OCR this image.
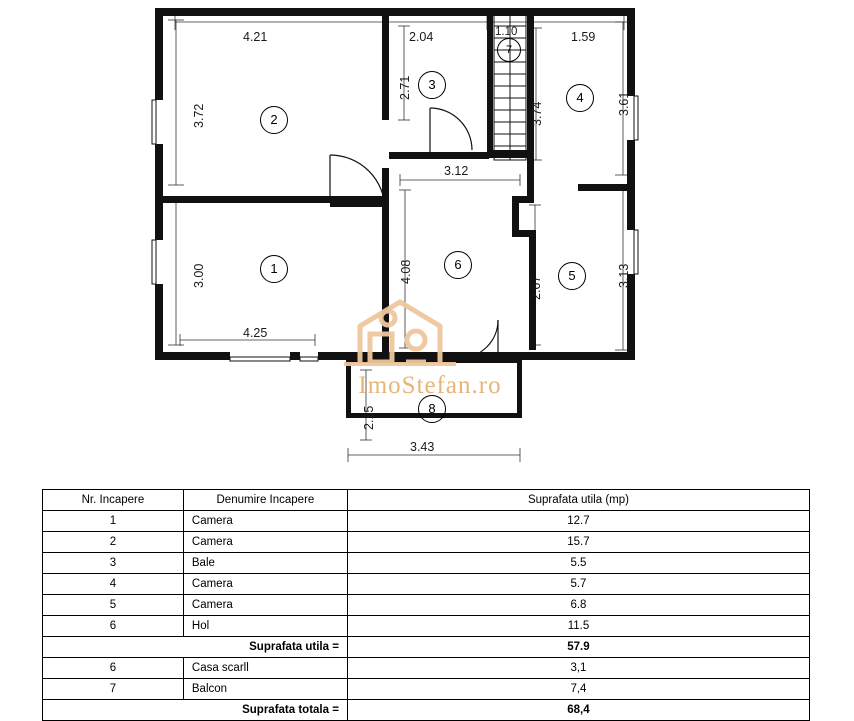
4.21	2.04	1.10	1.59
3.12
4.25
3.43
3.72
2.71
3.74	3.61
3.00	4.08
2.67	3.13
2.15
2
3
7
4
1	6
5
8
ImoStefan.ro
Nr. Incapere	Denumire Incapere	Suprafata utila (mp)
1	Camera	12.7
2	Camera	15.7
3	Bale	5.5
4	Camera	5.7
5	Camera	6.8
6	Hol	11.5
Suprafata utila =		57.9
6	Casa scarll	3,1
7	Balcon	7,4
Suprafata totala =		68,4
